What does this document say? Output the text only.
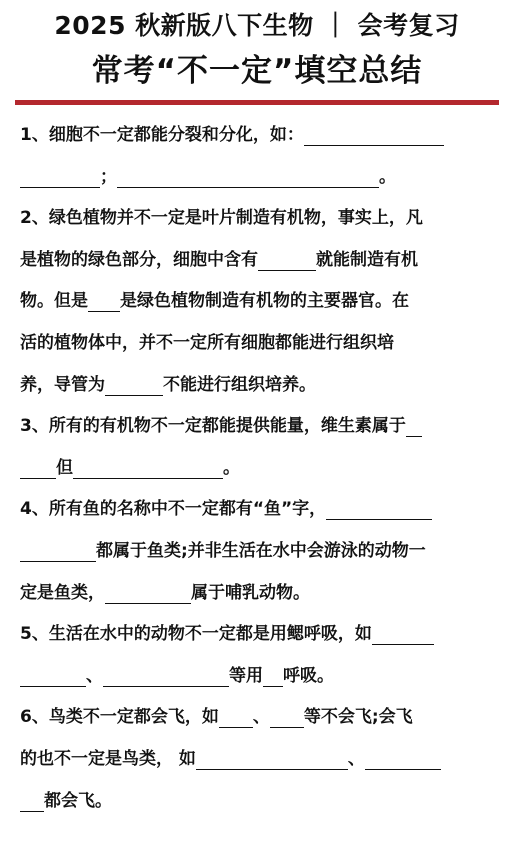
2025 秋新版八下生物 ｜ 会考复习
常考“不一定”填空总结
1、细胞不一定都能分裂和分化，如：
；	。
2、绿色植物并不一定是叶片制造有机物，事实上，凡
是植物的绿色部分，细胞中含有	就能制造有机
物。但是 是绿色植物制造有机物的主要器官。在
活的植物体中，并不一定所有细胞都能进行组织培
养，导管为	不能进行组织培养。
3、所有的有机物不一定都能提供能量，维生素属于
但	。
4、所有鱼的名称中不一定都有“鱼”字，
都属于鱼类;并非生活在水中会游泳的动物一
定是鱼类，	属于哺乳动物。
5、生活在水中的动物不一定都是用鳃呼吸，如
、	等用 呼吸。
6、鸟类不一定都会飞，如 、 等不会飞;会飞
的也不一定是鸟类， 如	、
都会飞。
